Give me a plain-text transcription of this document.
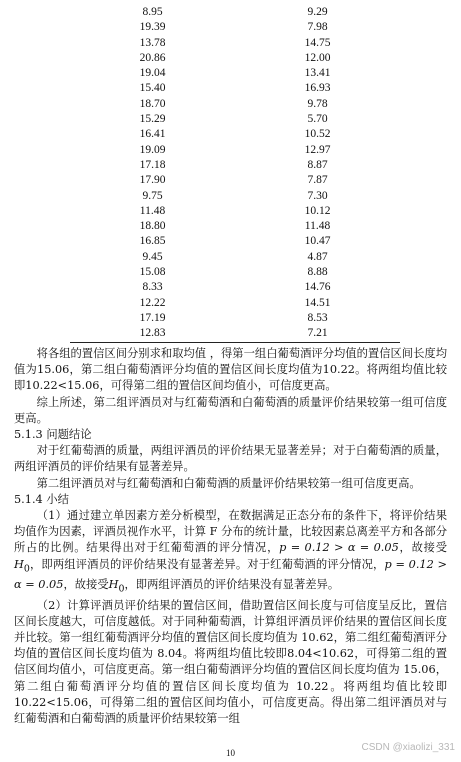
8.95	9.29
19.39	7.98
13.78	14.75
20.86	12.00
19.04	13.41
15.40	16.93
18.70	9.78
15.29	5.70
16.41	10.52
19.09	12.97
17.18	8.87
17.90	7.87
9.75	7.30
11.48	10.12
18.80	11.48
16.85	10.47
9.45	4.87
15.08	8.88
8.33	14.76
12.22	14.51
17.19	8.53
12.83	7.21

将各组的置信区间分别求和取均值 ，得第一组白葡萄酒评分均值的置信区间长度均值为15.06，第二组白葡萄酒评分均值的置信区间长度均值为10.22。将两组均值比较即10.22<15.06，可得第二组的置信区间均值小，可信度更高。

综上所述，第二组评酒员对与红葡萄酒和白葡萄酒的质量评价结果较第一组可信度更高。

5.1.3 问题结论

对于红葡萄酒的质量，两组评酒员的评价结果无显著差异；对于白葡萄酒的质量，两组评酒员的评价结果有显著差异。

第二组评酒员对与红葡萄酒和白葡萄酒的质量评价结果较第一组可信度更高。

5.1.4 小结

（1）通过建立单因素方差分析模型，在数据满足正态分布的条件下，将评价结果均值作为因素，评酒员视作水平，计算 F 分布的统计量，比较因素总离差平方和各部分所占的比例。结果得出对于红葡萄酒的评分情况，p = 0.12 > α = 0.05，故接受$H_0$，即两组评酒员的评价结果没有显著差异。对于红葡萄酒的评分情况，p = 0.12 > α = 0.05，故接受$H_0$，即两组评酒员的评价结果没有显著差异。

（2）计算评酒员评价结果的置信区间，借助置信区间长度与可信度呈反比，置信区间长度越大，可信度越低。对于同种葡萄酒，计算组评酒员评价结果的置信区间长度并比较。第一组红葡萄酒评分均值的置信区间长度均值为 10.62，第二组红葡萄酒评分均值的置信区间长度均值为 8.04。将两组均值比较即8.04<10.62，可得第二组的置信区间均值小，可信度更高。第一组白葡萄酒评分均值的置信区间长度均值为 15.06，第二组白葡萄酒评分均值的置信区间长度均值为 10.22。将两组均值比较即 10.22<15.06，可得第二组的置信区间均值小，可信度更高。得出第二组评酒员对与红葡萄酒和白葡萄酒的质量评价结果较第一组

10	CSDN @xiaolizi_331
